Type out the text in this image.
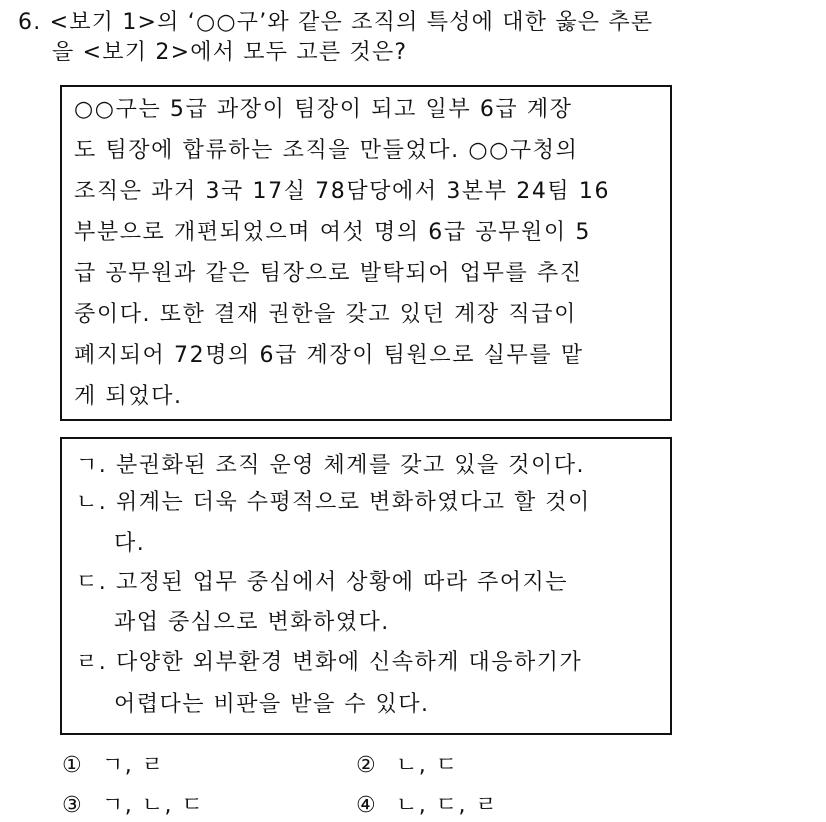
6. <보기 1>의 ‘○○구’와 같은 조직의 특성에 대한 옳은 추론
을 <보기 2>에서 모두 고른 것은?
○○구는 5급 과장이 팀장이 되고 일부 6급 계장
도 팀장에 합류하는 조직을 만들었다. ○○구청의
조직은 과거 3국 17실 78담당에서 3본부 24팀 16
부분으로 개편되었으며 여섯 명의 6급 공무원이 5
급 공무원과 같은 팀장으로 발탁되어 업무를 추진
중이다. 또한 결재 권한을 갖고 있던 계장 직급이
폐지되어 72명의 6급 계장이 팀원으로 실무를 맡
게 되었다.
ㄱ. 분권화된 조직 운영 체계를 갖고 있을 것이다.
ㄴ. 위계는 더욱 수평적으로 변화하였다고 할 것이
다.
ㄷ. 고정된 업무 중심에서 상황에 따라 주어지는
과업 중심으로 변화하였다.
ㄹ. 다양한 외부환경 변화에 신속하게 대응하기가
어렵다는 비판을 받을 수 있다.
① ㄱ, ㄹ	② ㄴ, ㄷ
③ ㄱ, ㄴ, ㄷ	④ ㄴ, ㄷ, ㄹ
